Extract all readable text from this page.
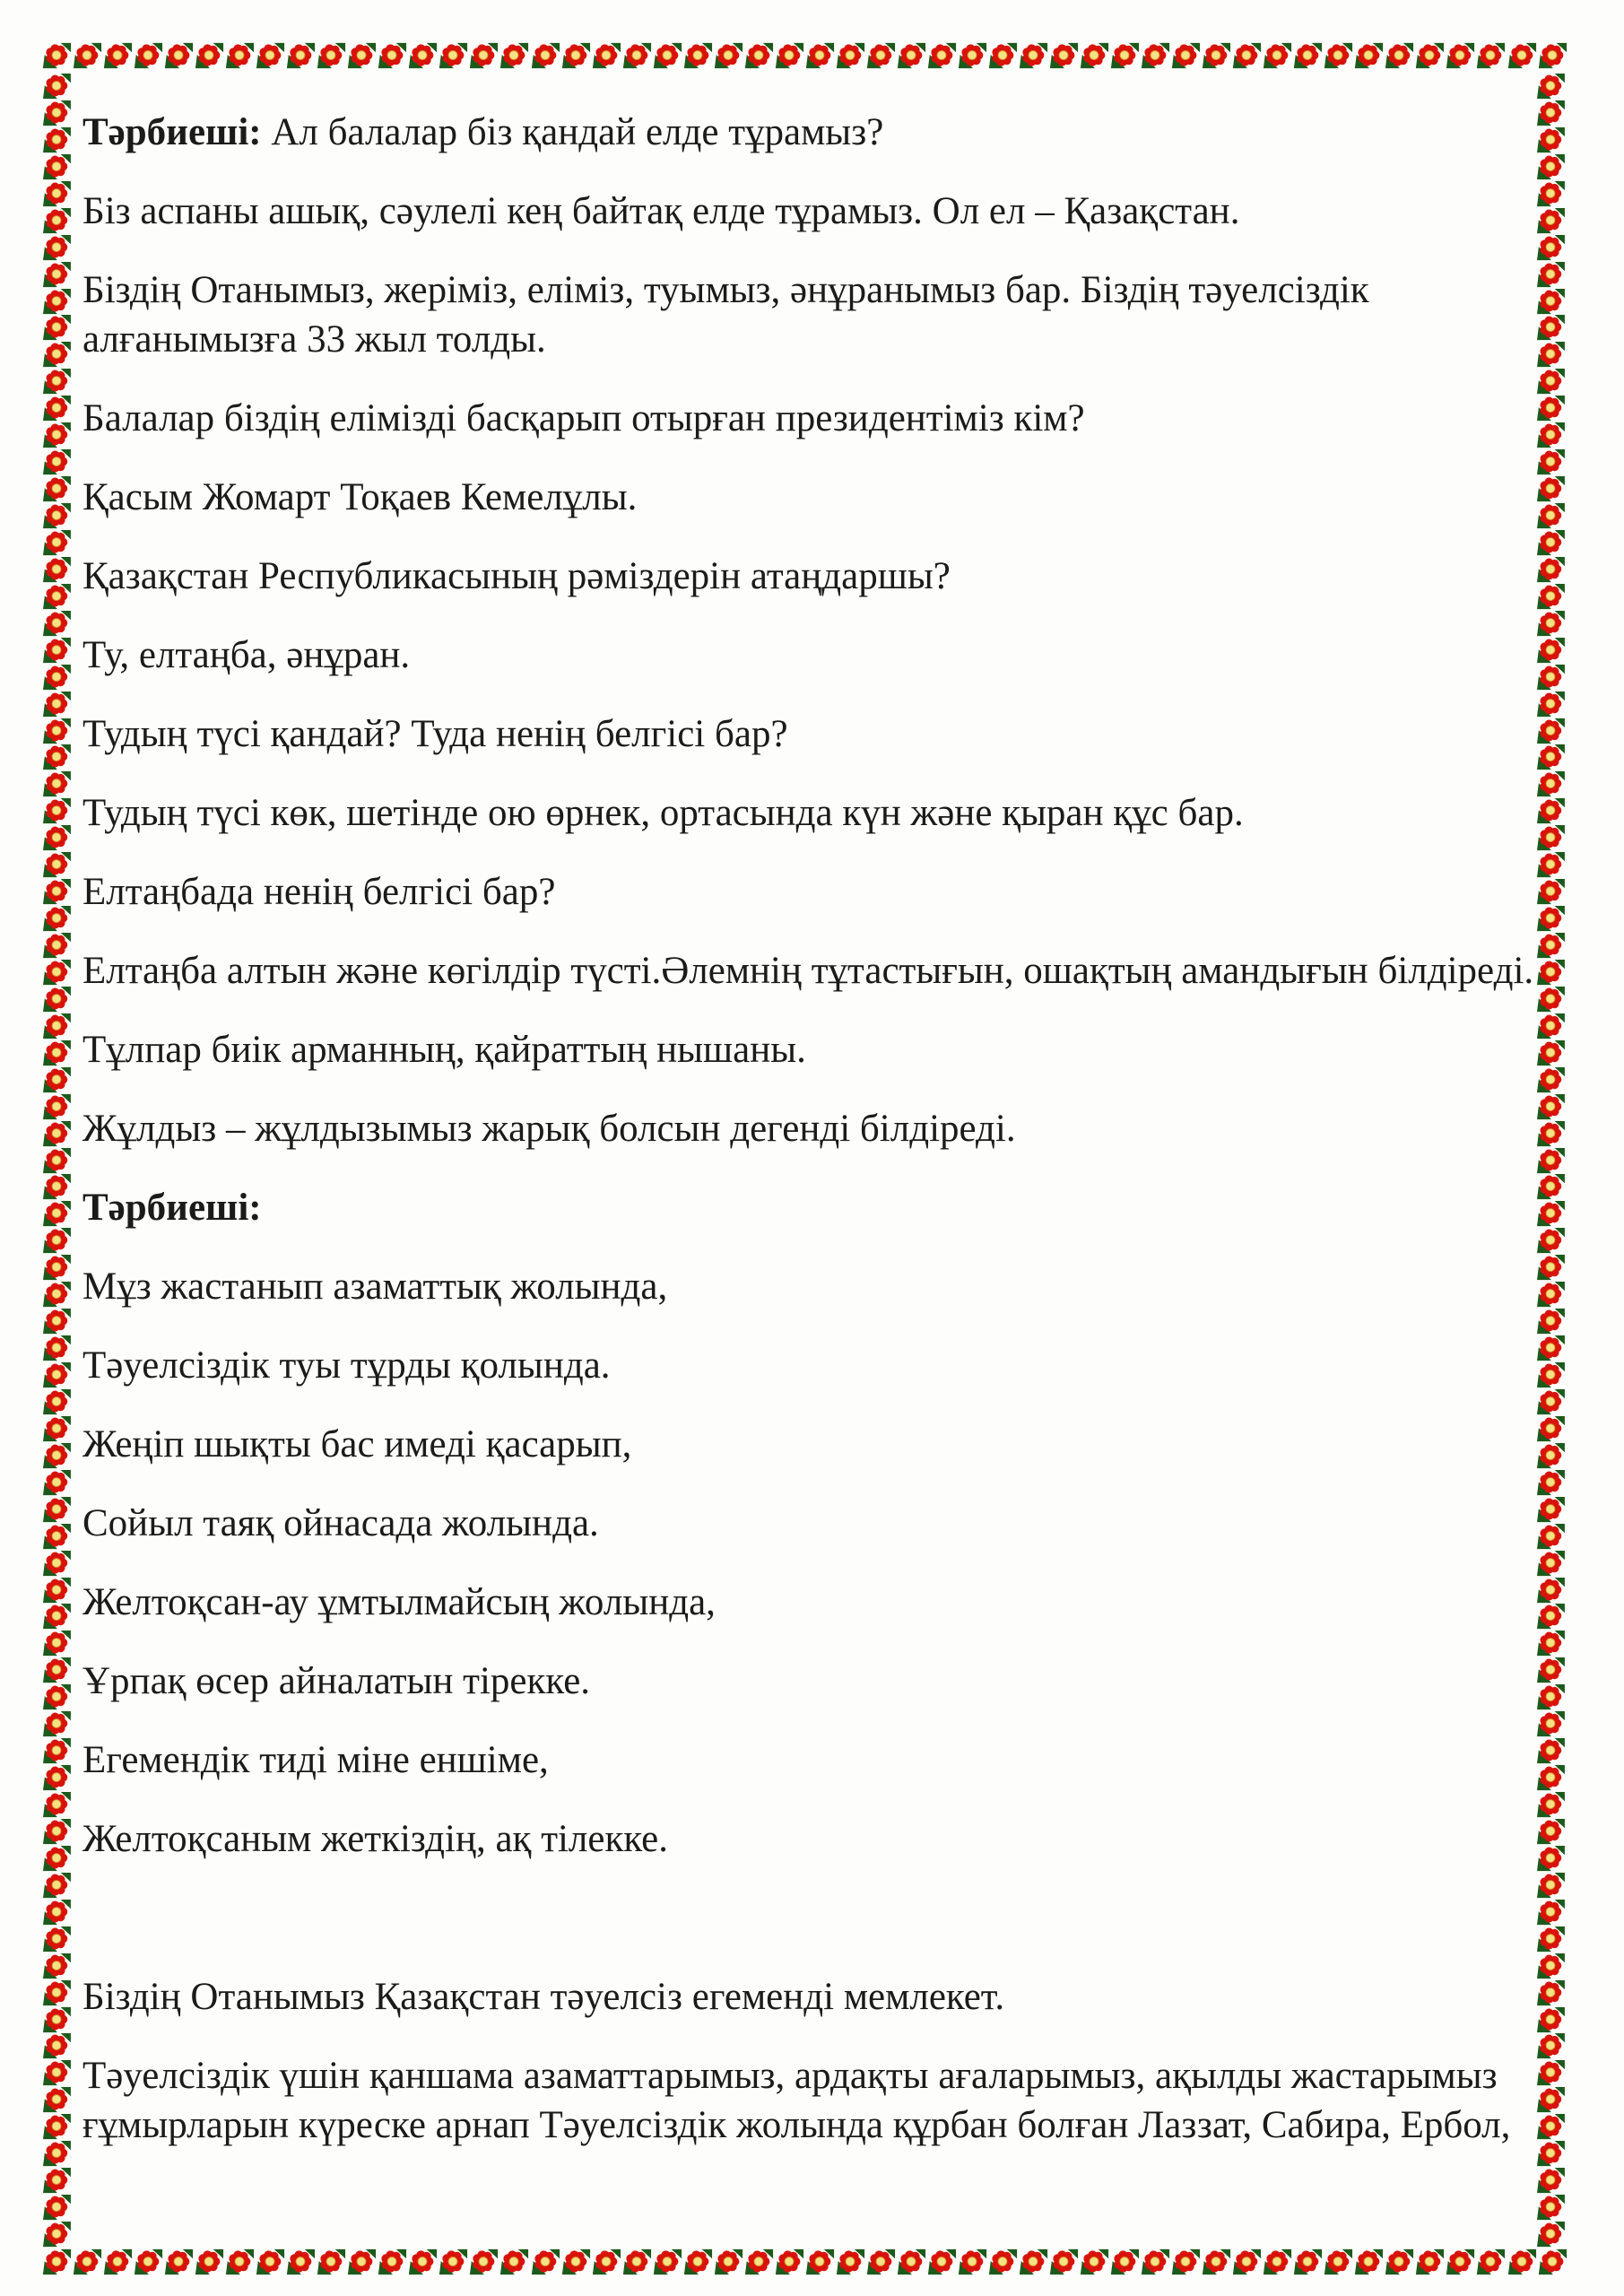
Тәрбиеші: Ал балалар біз қандай елде тұрамыз?

Біз аспаны ашық, сәулелі кең байтақ елде тұрамыз. Ол ел – Қазақстан.

Біздің Отанымыз, жеріміз, еліміз, туымыз, әнұранымыз бар. Біздің тәуелсіздік

алғанымызға 33 жыл толды.

Балалар біздің елімізді басқарып отырған президентіміз кім?

Қасым Жомарт Тоқаев Кемелұлы.

Қазақстан Республикасының рәміздерін атаңдаршы?

Ту, елтаңба, әнұран.

Тудың түсі қандай? Туда ненің белгісі бар?

Тудың түсі көк, шетінде ою өрнек, ортасында күн және қыран құс бар.

Елтаңбада ненің белгісі бар?

Елтаңба алтын және көгілдір түсті.Әлемнің тұтастығын, ошақтың амандығын білдіреді.

Тұлпар биік арманның, қайраттың нышаны.

Жұлдыз – жұлдызымыз жарық болсын дегенді білдіреді.

Тәрбиеші:

Мұз жастанып азаматтық жолында,

Тәуелсіздік туы тұрды қолында.

Жеңіп шықты бас имеді қасарып,

Сойыл таяқ ойнасада жолында.

Желтоқсан-ау ұмтылмайсың жолында,

Ұрпақ өсер айналатын тірекке.

Егемендік тиді міне еншіме,

Желтоқсаным жеткіздің, ақ тілекке.

Біздің Отанымыз Қазақстан тәуелсіз егеменді мемлекет.

Тәуелсіздік үшін қаншама азаматтарымыз, ардақты ағаларымыз, ақылды жастарымыз

ғұмырларын күреске арнап Тәуелсіздік жолында құрбан болған Лаззат, Сабира, Ербол,
